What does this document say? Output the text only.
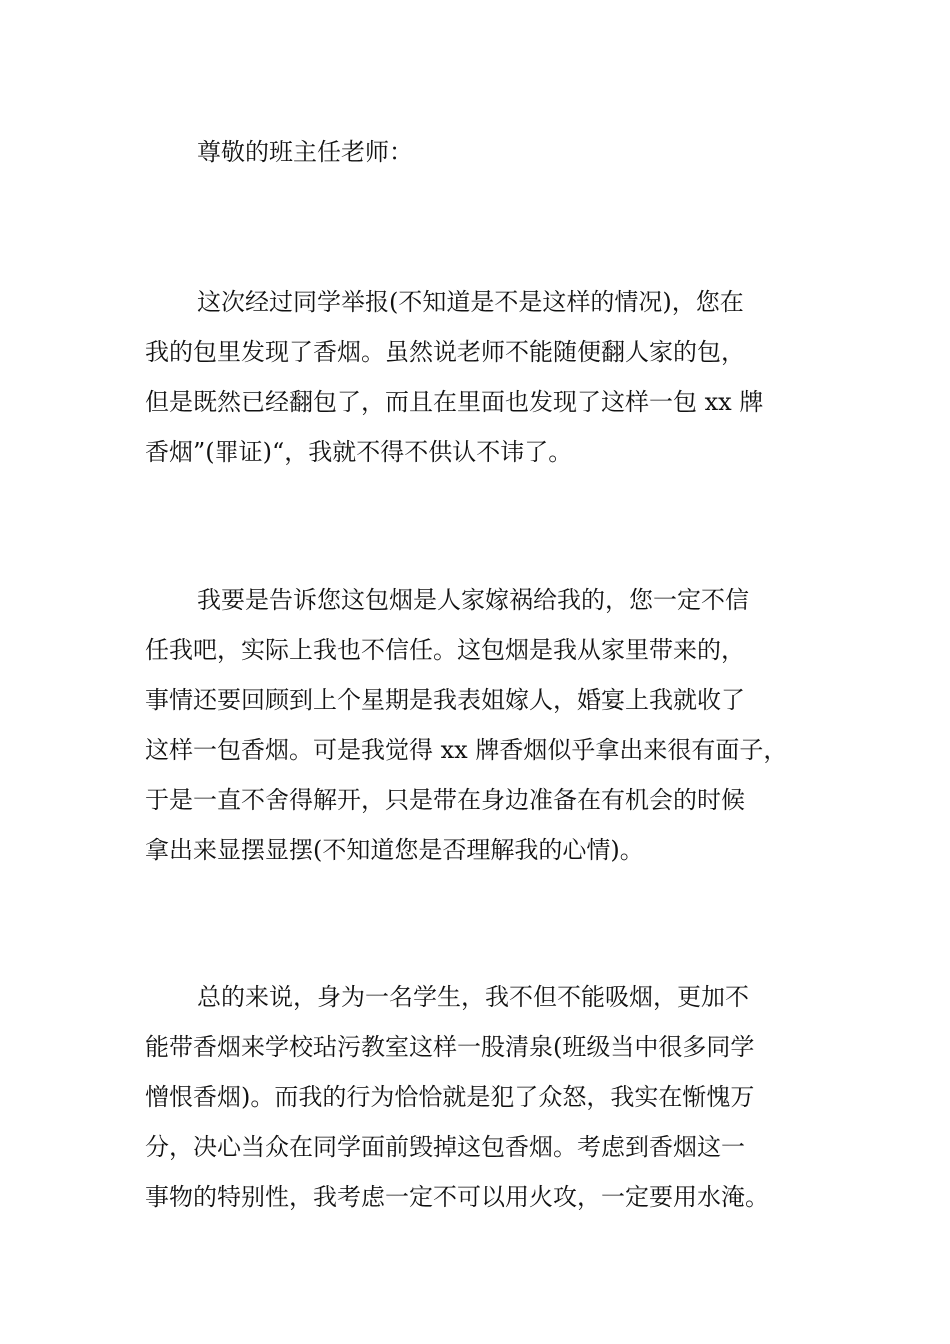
尊敬的班主任老师：
这次经过同学举报(不知道是不是这样的情况)，您在
我的包里发现了香烟。虽然说老师不能随便翻人家的包，
但是既然已经翻包了，而且在里面也发现了这样一包 xx 牌
香烟”(罪证)“，我就不得不供认不讳了。
我要是告诉您这包烟是人家嫁祸给我的，您一定不信
任我吧，实际上我也不信任。这包烟是我从家里带来的，
事情还要回顾到上个星期是我表姐嫁人，婚宴上我就收了
这样一包香烟。可是我觉得 xx 牌香烟似乎拿出来很有面子，
于是一直不舍得解开，只是带在身边准备在有机会的时候
拿出来显摆显摆(不知道您是否理解我的心情)。
总的来说，身为一名学生，我不但不能吸烟，更加不
能带香烟来学校玷污教室这样一股清泉(班级当中很多同学
憎恨香烟)。而我的行为恰恰就是犯了众怒，我实在惭愧万
分，决心当众在同学面前毁掉这包香烟。考虑到香烟这一
事物的特别性，我考虑一定不可以用火攻，一定要用水淹。
